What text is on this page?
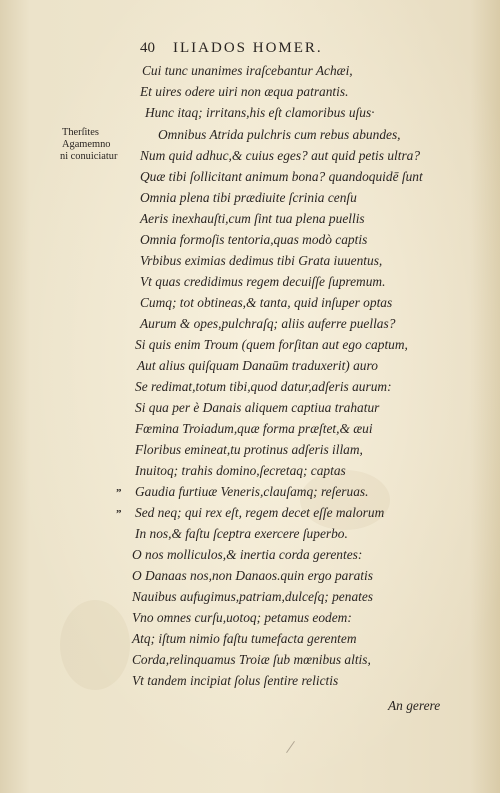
40 ILIADOS HOMER.
Therſites
Agamemno
ni conuiciatur
”
”
Cui tunc unanimes iraſcebantur Achæi,
Et uires odere uiri non æqua patrantis.
Hunc itaq; irritans,his eſt clamoribus uſus·
Omnibus Atrida pulchris cum rebus abundes,
Num quid adhuc,& cuius eges? aut quid petis ultra?
Quæ tibi ſollicitant animum bona? quandoquidē ſunt
Omnia plena tibi prædiuite ſcrinia cenſu
Aeris inexhauſti,cum ſint tua plena puellis
Omnia formoſis tentoria,quas modò captis
Vrbibus eximias dedimus tibi Grata iuuentus,
Vt quas credidimus regem decuiſſe ſupremum.
Cumq; tot obtineas,& tanta, quid inſuper optas
Aurum & opes,pulchraſq; aliis auferre puellas?
Si quis enim Troum (quem forſitan aut ego captum,
Aut alius quiſquam Danaūm traduxerit) auro
Se redimat,totum tibi,quod datur,adſeris aurum:
Si qua per è Danais aliquem captiua trahatur
Fœmina Troiadum,quæ forma præſtet,& æui
Floribus emineat,tu protinus adſeris illam,
Inuitoq; trahis domino,ſecretaq; captas
Gaudia furtiuæ Veneris,clauſamq; reſeruas.
Sed neq; qui rex eſt, regem decet eſſe malorum
In nos,& faſtu ſceptra exercere ſuperbo.
O nos molliculos,& inertia corda gerentes:
O Danaas nos,non Danaos.quin ergo paratis
Nauibus aufugimus,patriam,dulceſq; penates
Vno omnes curſu,uotoq; petamus eodem:
Atq; iſtum nimio faſtu tumefacta gerentem
Corda,relinquamus Troiæ ſub mœnibus altis,
Vt tandem incipiat ſolus ſentire relictis
An gerere
